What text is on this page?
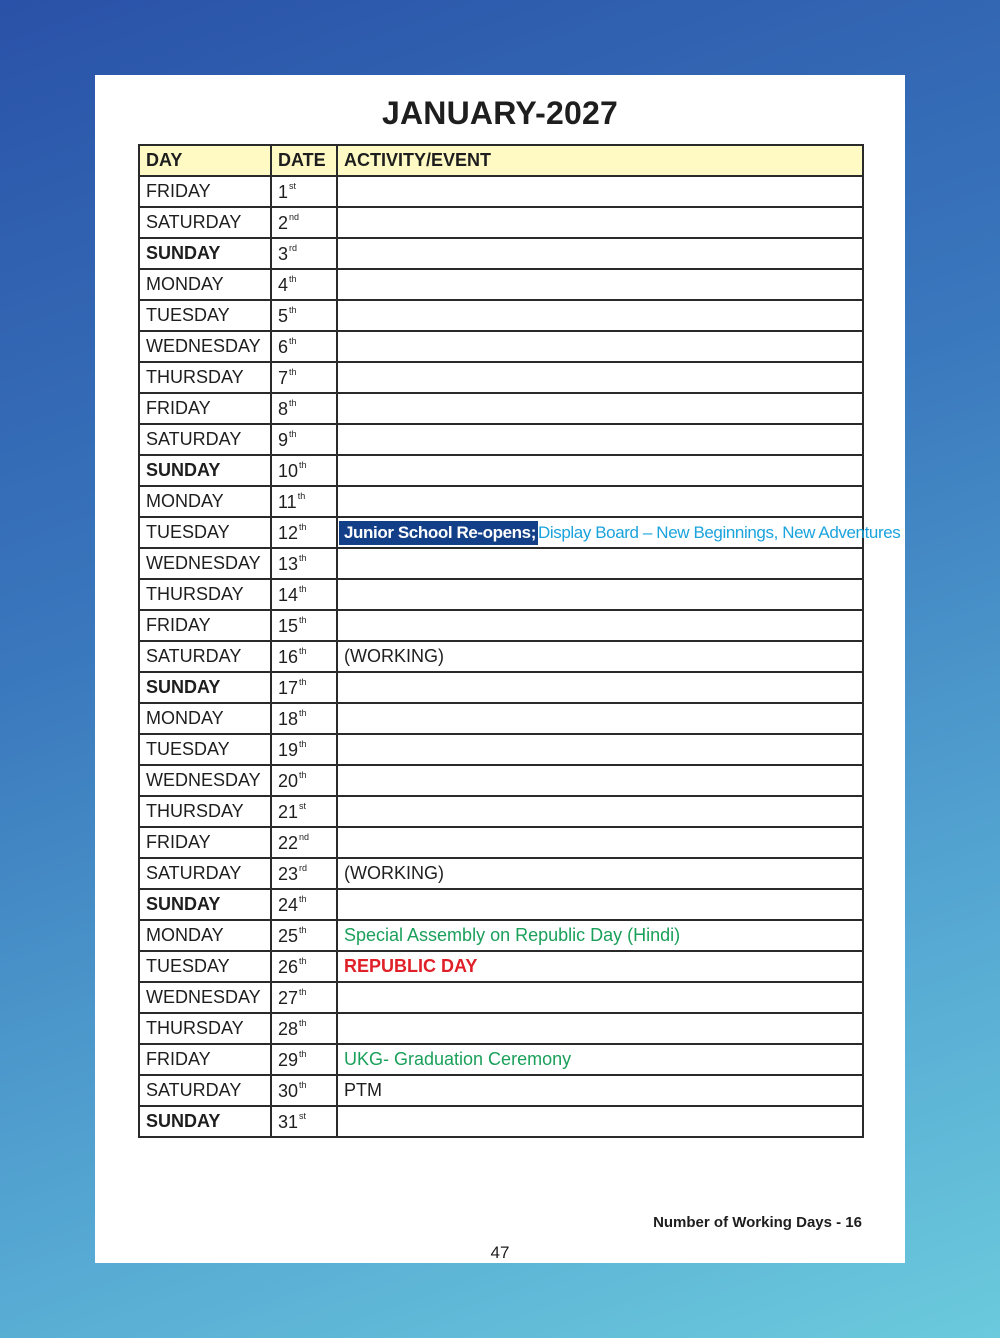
JANUARY-2027
DAY	DATE	ACTIVITY/EVENT
FRIDAY	1st	
SATURDAY	2nd	
SUNDAY	3rd	
MONDAY	4th	
TUESDAY	5th	
WEDNESDAY	6th	
THURSDAY	7th	
FRIDAY	8th	
SATURDAY	9th	
SUNDAY	10th	
MONDAY	11th	
TUESDAY	12th	Junior School Re-opens; Display Board – New Beginnings, New Adventures
WEDNESDAY	13th	
THURSDAY	14th	
FRIDAY	15th	
SATURDAY	16th	(WORKING)
SUNDAY	17th	
MONDAY	18th	
TUESDAY	19th	
WEDNESDAY	20th	
THURSDAY	21st	
FRIDAY	22nd	
SATURDAY	23rd	(WORKING)
SUNDAY	24th	
MONDAY	25th	Special Assembly on Republic Day (Hindi)
TUESDAY	26th	REPUBLIC DAY
WEDNESDAY	27th	
THURSDAY	28th	
FRIDAY	29th	UKG- Graduation Ceremony
SATURDAY	30th	PTM
SUNDAY	31st	
Number of Working Days - 16
47
